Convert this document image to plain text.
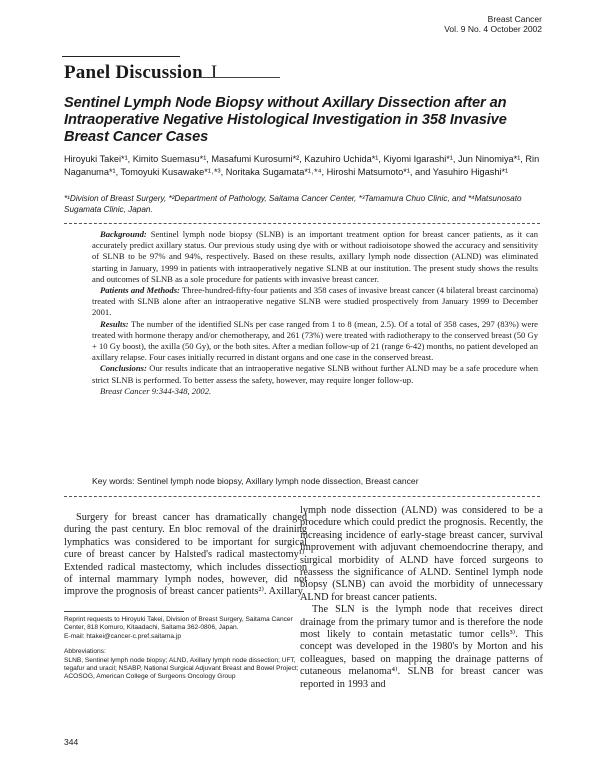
Breast Cancer
Vol. 9 No. 4 October 2002
Panel Discussion I
Sentinel Lymph Node Biopsy without Axillary Dissection after an Intraoperative Negative Histological Investigation in 358 Invasive Breast Cancer Cases
Hiroyuki Takei*¹, Kimito Suemasu*¹, Masafumi Kurosumi*², Kazuhiro Uchida*¹, Kiyomi Igarashi*¹, Jun Ninomiya*¹, Rin Naganuma*¹, Tomoyuki Kusawake*¹˒*³, Noritaka Sugamata*¹˒*⁴, Hiroshi Matsumoto*¹, and Yasuhiro Higashi*¹
*¹Division of Breast Surgery, *²Department of Pathology, Saitama Cancer Center, *³Tamamura Chuo Clinic, and *⁴Matsunosato Sugamata Clinic, Japan.

Background: Sentinel lymph node biopsy (SLNB) is an important treatment option for breast cancer patients, as it can accurately predict axillary status. Our previous study using dye with or without radioisotope showed the accuracy and sensitivity of SLNB to be 97% and 94%, respectively. Based on these results, axillary lymph node dissection (ALND) was eliminated starting in January, 1999 in patients with intraoperatively negative SLNB at our institution. The present study shows the results and outcomes of SLNB as a sole procedure for patients with invasive breast cancer.

Patients and Methods: Three-hundred-fifty-four patients and 358 cases of invasive breast cancer (4 bilateral breast carcinoma) treated with SLNB alone after an intraoperative negative SLNB were studied prospectively from January 1999 to December 2001.

Results: The number of the identified SLNs per case ranged from 1 to 8 (mean, 2.5). Of a total of 358 cases, 297 (83%) were treated with hormone therapy and/or chemotherapy, and 261 (73%) were treated with radiotherapy to the conserved breast (50 Gy + 10 Gy boost), the axilla (50 Gy), or the both sites. After a median follow-up of 21 (range 6-42) months, no patient developed an axillary relapse. Four cases initially recurred in distant organs and one case in the conserved breast.

Conclusions: Our results indicate that an intraoperative negative SLNB without further ALND may be a safe procedure when strict SLNB is performed. To better assess the safety, however, may require longer follow-up.

Breast Cancer 9:344-348, 2002.

Key words: Sentinel lymph node biopsy, Axillary lymph node dissection, Breast cancer

Surgery for breast cancer has dramatically changed during the past century. En bloc removal of the draining lymphatics was considered to be important for surgical cure of breast cancer by Halsted's radical mastectomy¹⁾. Extended radical mastectomy, which includes dissection of internal mammary lymph nodes, however, did not improve the prognosis of breast cancer patients²⁾. Axillary

lymph node dissection (ALND) was considered to be a procedure which could predict the prognosis. Recently, the increasing incidence of early-stage breast cancer, survival improvement with adjuvant chemoendocrine therapy, and surgical morbidity of ALND have forced surgeons to reassess the significance of ALND. Sentinel lymph node biopsy (SLNB) can avoid the morbidity of unnecessary ALND for breast cancer patients.

The SLN is the lymph node that receives direct drainage from the primary tumor and is therefore the node most likely to contain metastatic tumor cells³⁾. This concept was developed in the 1980's by Morton and his colleagues, based on mapping the drainage patterns of cutaneous melanoma⁴⁾. SLNB for breast cancer was reported in 1993 and

Reprint requests to Hiroyuki Takei, Division of Breast Surgery, Saitama Cancer Center, 818 Komuro, Kitaadachi, Saitama 362-0806, Japan.
E-mail: htakei@cancer-c.pref.saitama.jp
Abbreviations:
SLNB, Sentinel lymph node biopsy; ALND, Axillary lymph node dissection; UFT, tegafur and uracil; NSABP, National Surgical Adjuvant Breast and Bowel Project; ACOSOG, American College of Surgeons Oncology Group
344
